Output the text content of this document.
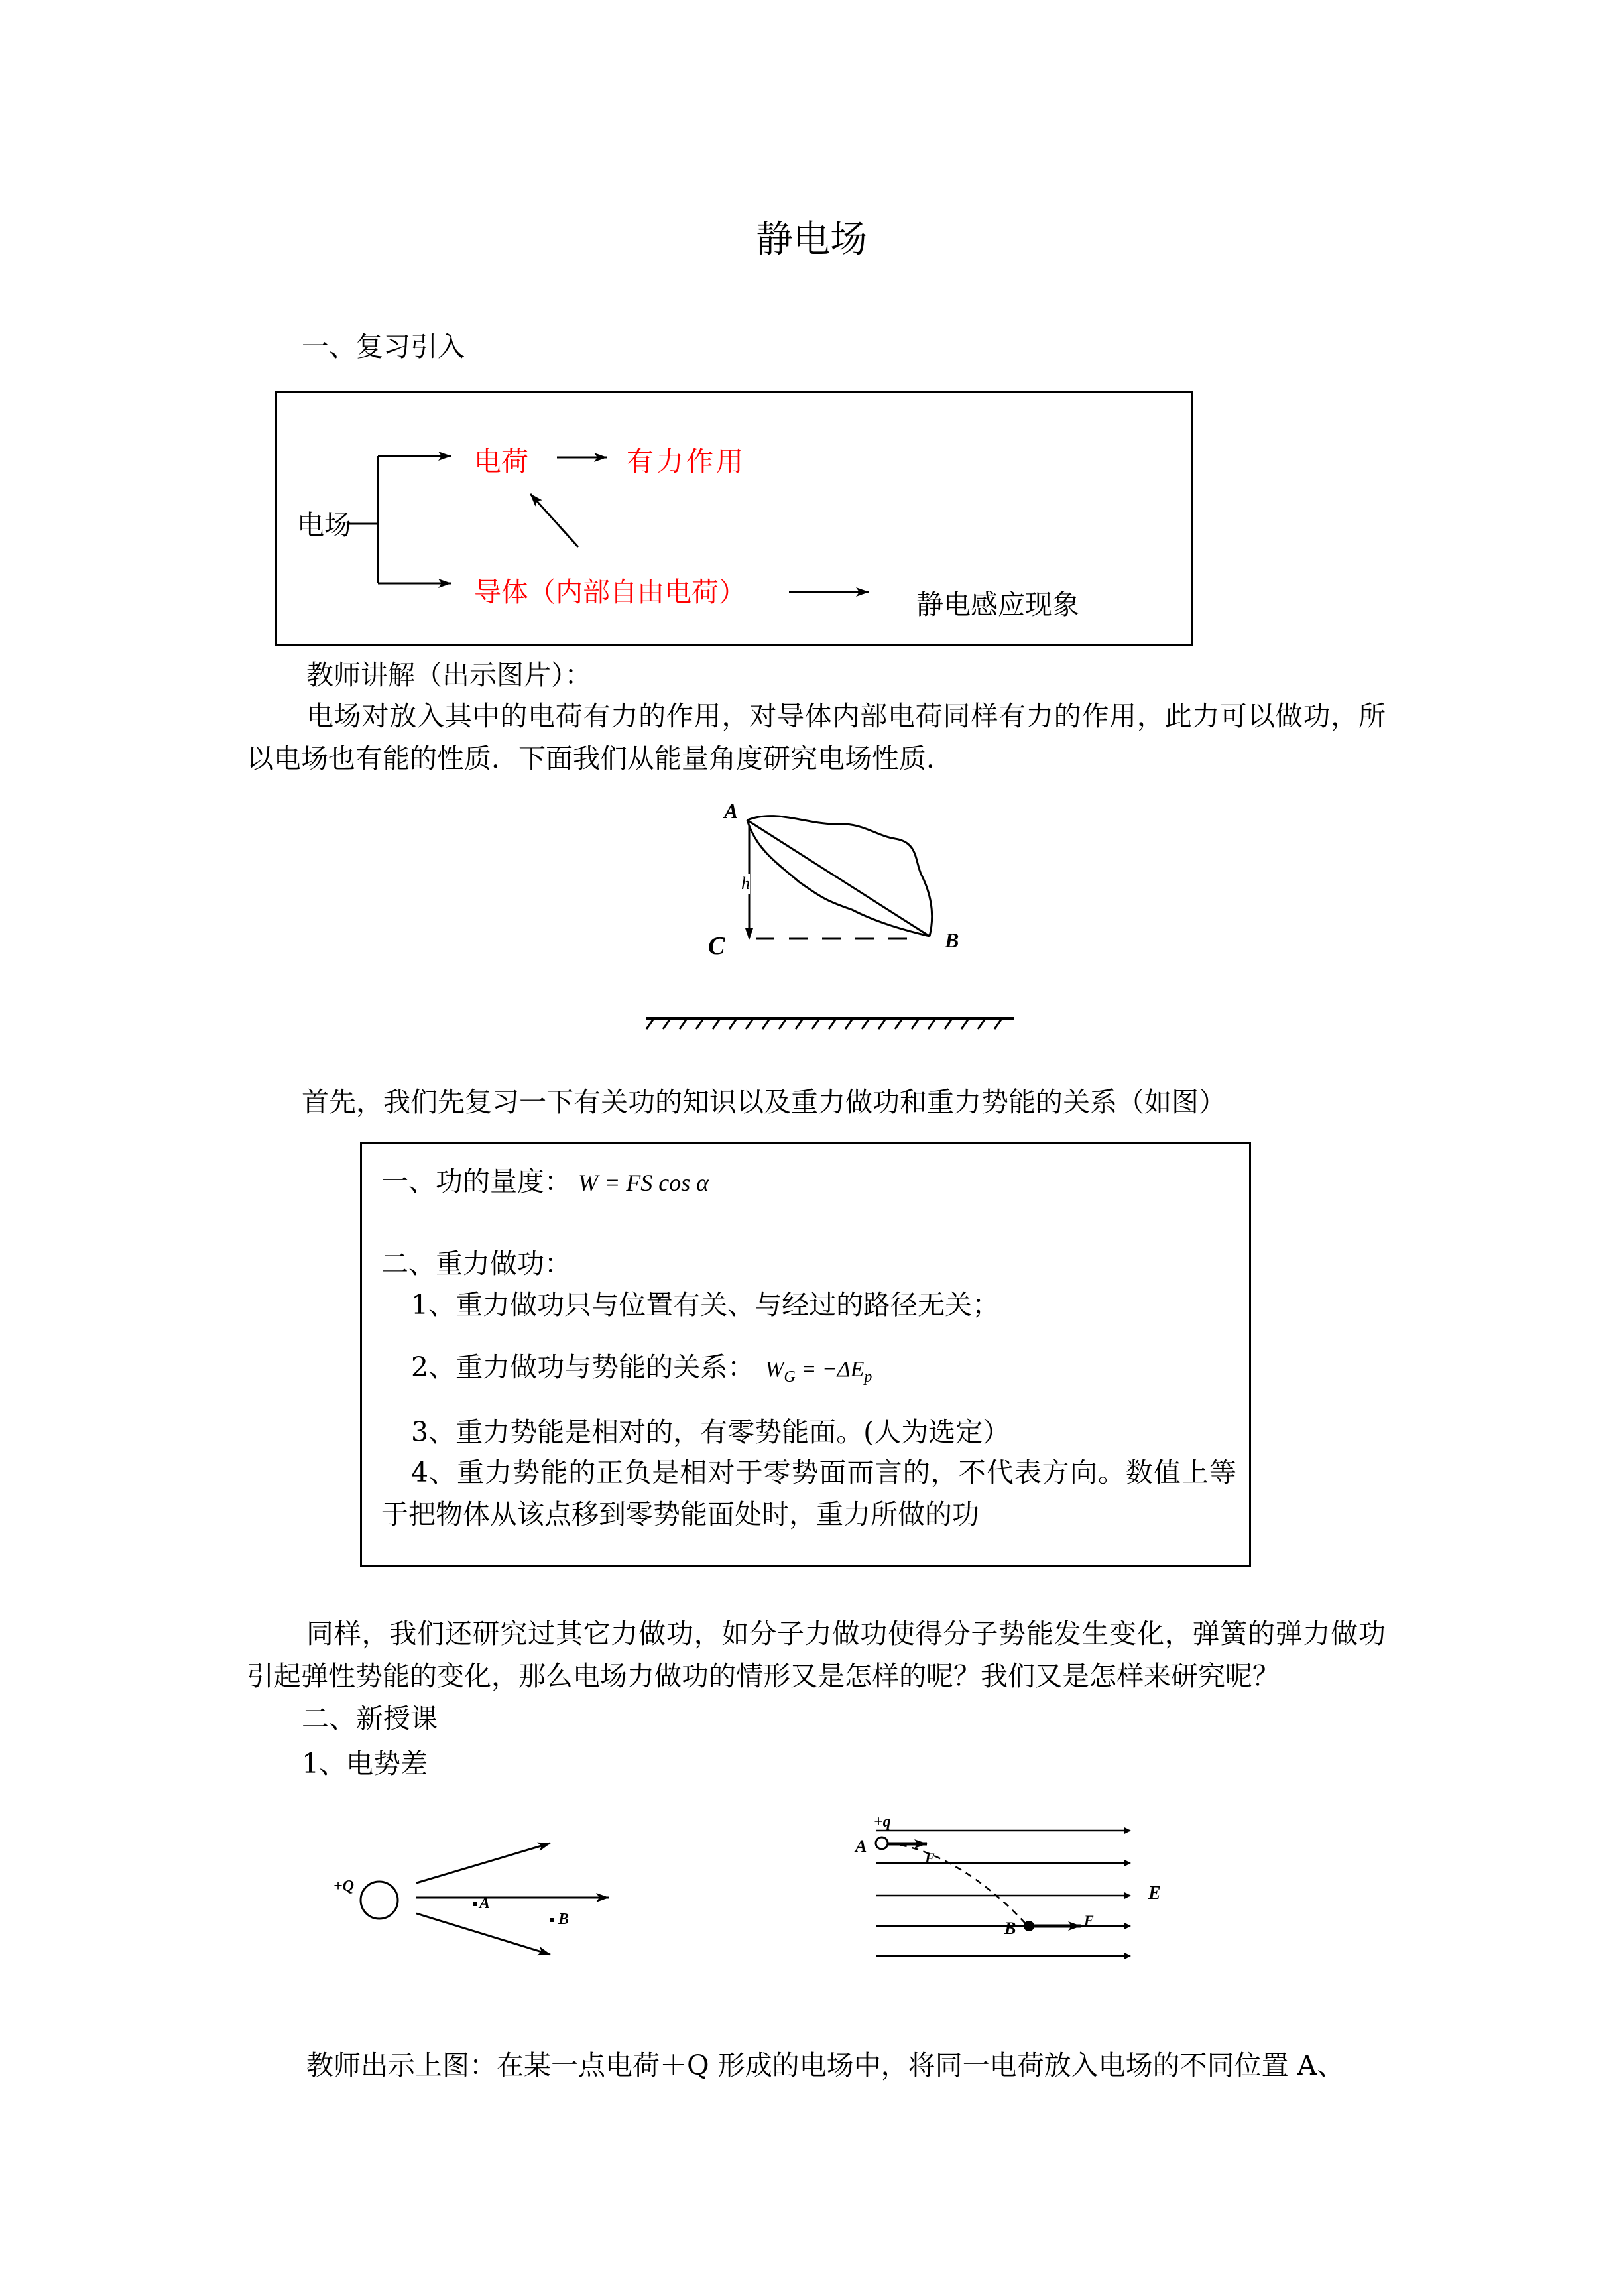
静电场
一、复习引入
电场
电荷	有力作用
导体（内部自由电荷）	静电感应现象
教师讲解（出示图片）：
电场对放入其中的电荷有力的作用，对导体内部电荷同样有力的作用，此力可以做功，所以电场也有能的性质．下面我们从能量角度研究电场性质．
A
B
C
h
首先，我们先复习一下有关功的知识以及重力做功和重力势能的关系（如图）
一、功的量度： W = FS cos α
二、重力做功：
1、重力做功只与位置有关、与经过的路径无关；
2、重力做功与势能的关系： $W_G = -\Delta E_p$
3、重力势能是相对的，有零势能面。(人为选定）
4、重力势能的正负是相对于零势面而言的，不代表方向。数值上等于把物体从该点移到零势能面处时，重力所做的功
同样，我们还研究过其它力做功，如分子力做功使得分子势能发生变化，弹簧的弹力做功引起弹性势能的变化，那么电场力做功的情形又是怎样的呢？我们又是怎样来研究呢？
二、新授课
1、电势差
+Q
A
B
+q
A
B
F
F
E
教师出示上图：在某一点电荷＋Q 形成的电场中，将同一电荷放入电场的不同位置 A、
